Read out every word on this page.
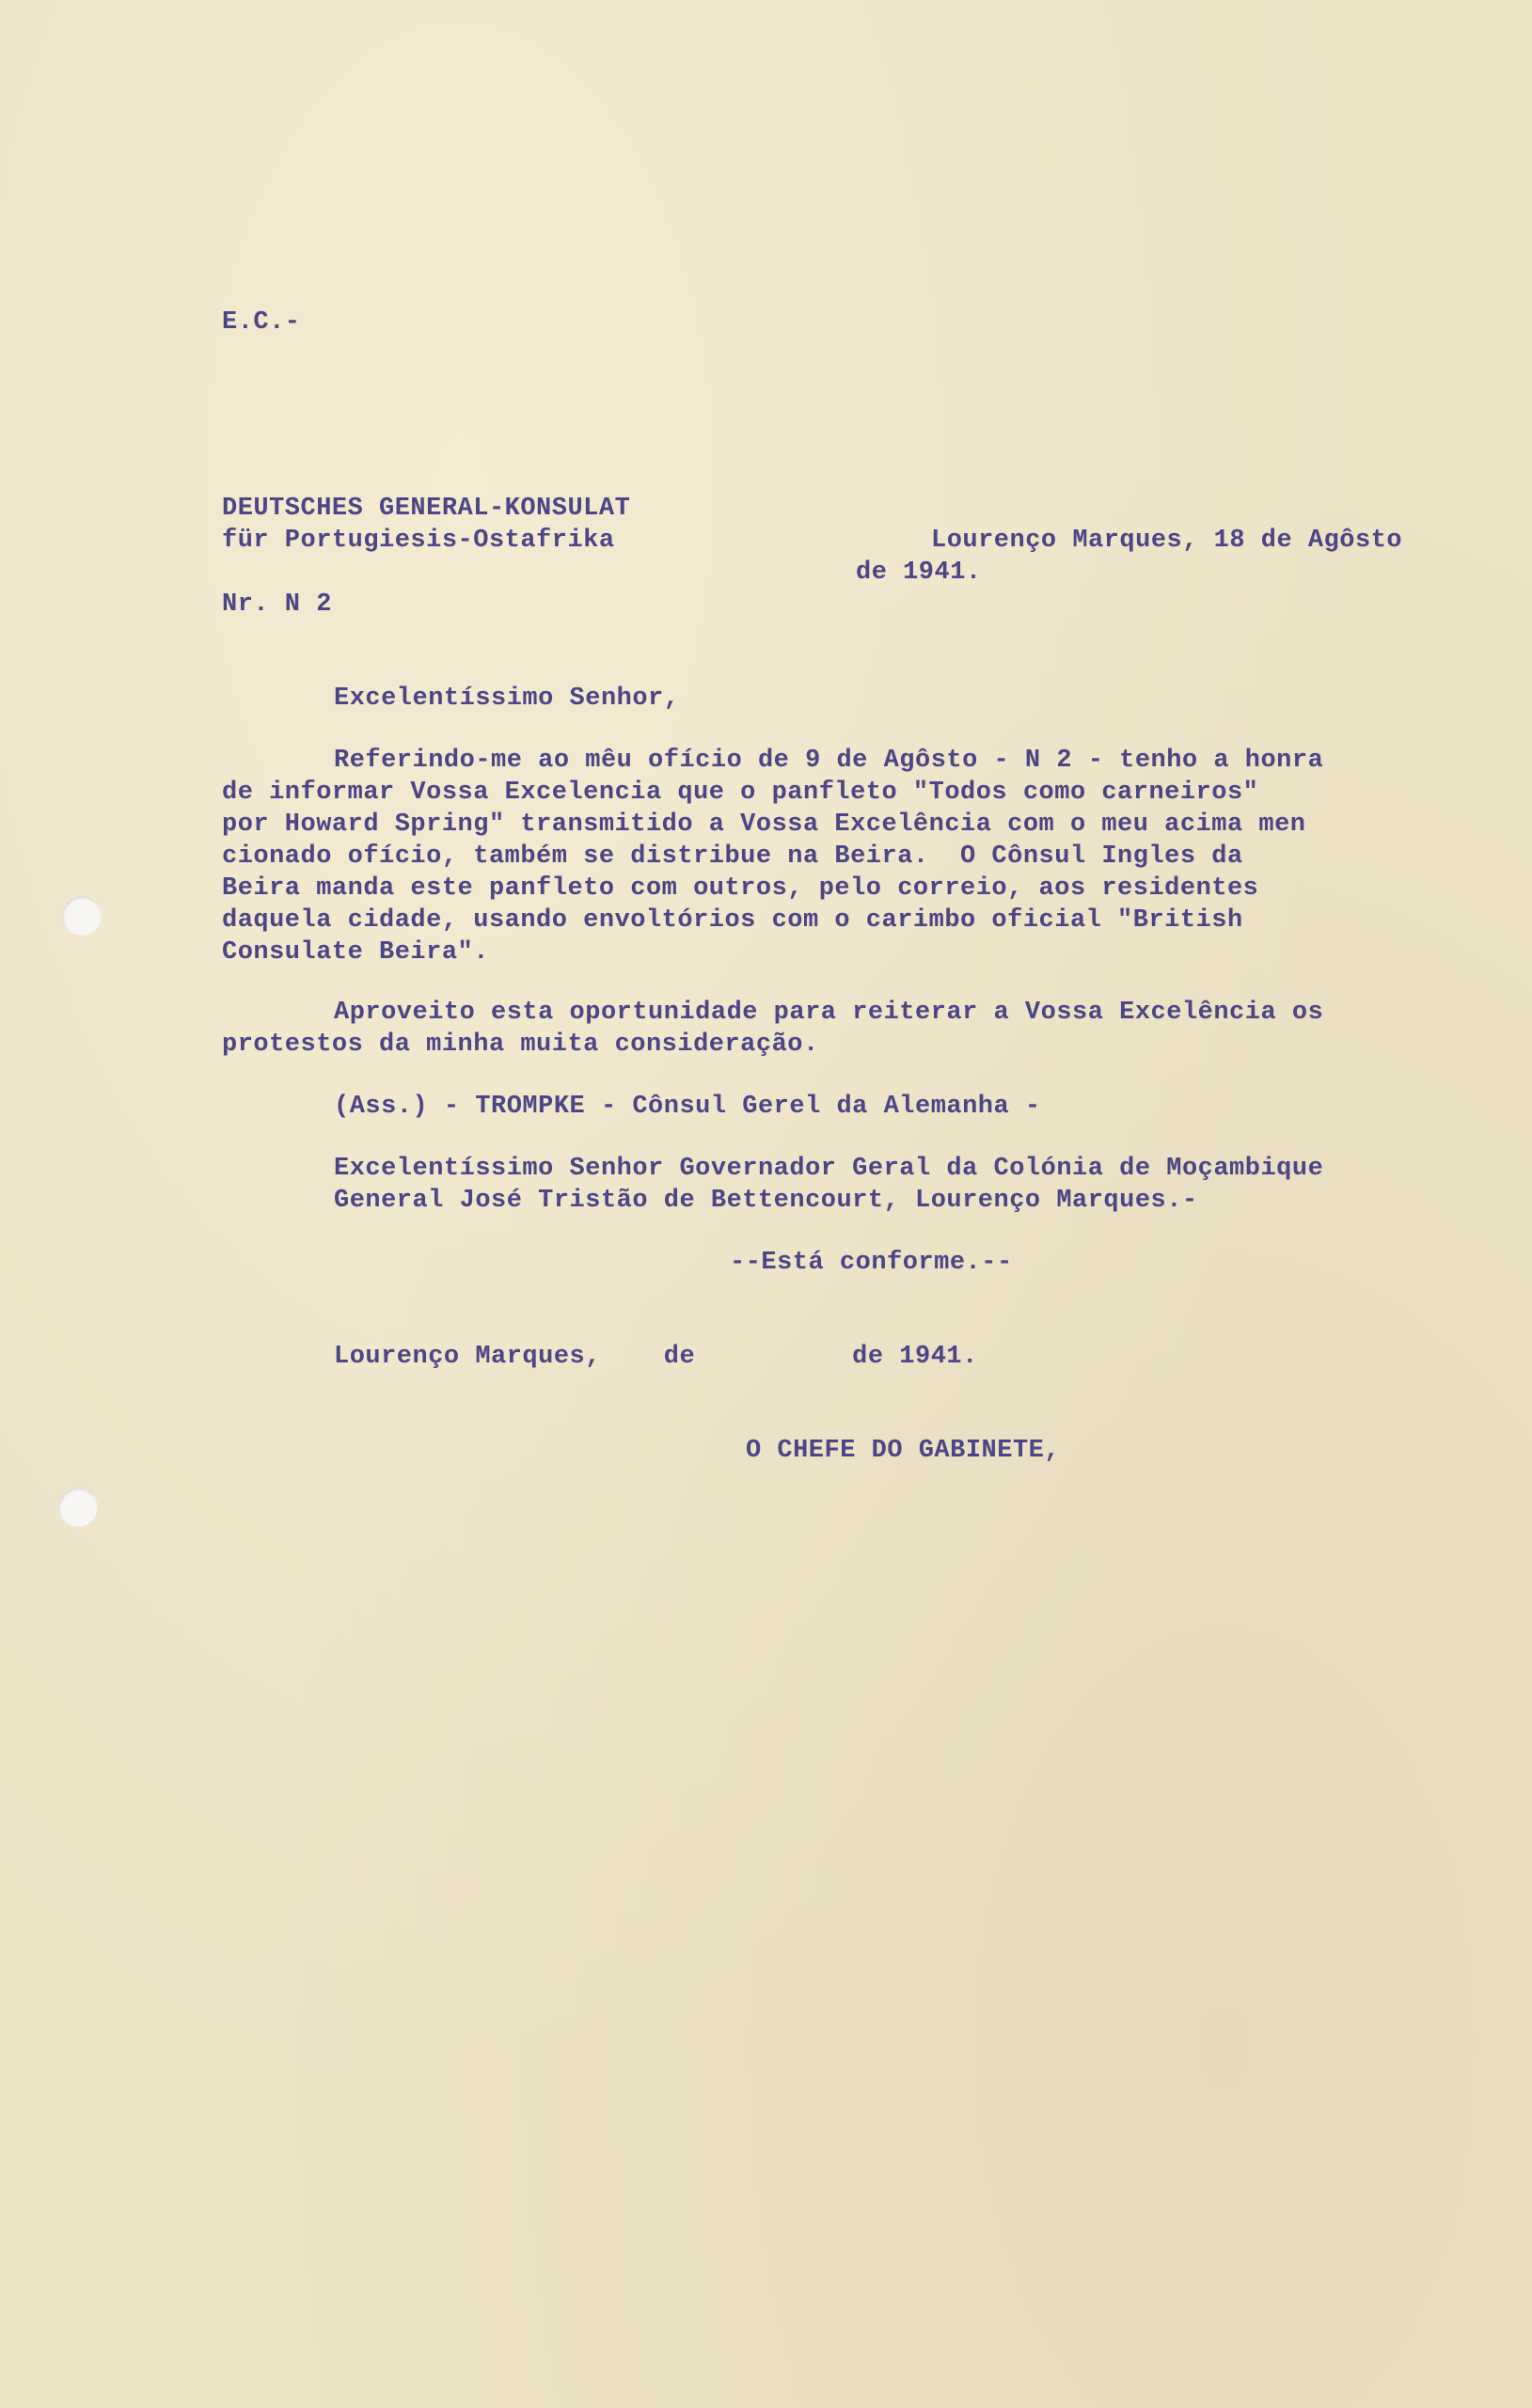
E.C.-

DEUTSCHES GENERAL-KONSULAT

für Portugiesis-Ostafrika	Lourenço Marques, 18 de Agôsto

de 1941.

Nr. N 2

Excelentíssimo Senhor,

Referindo-me ao mêu ofício de 9 de Agôsto - N 2 - tenho a honra

de informar Vossa Excelencia que o panfleto "Todos como carneiros"

por Howard Spring" transmitido a Vossa Excelência com o meu acima men

cionado ofício, também se distribue na Beira.  O Cônsul Ingles da

Beira manda este panfleto com outros, pelo correio, aos residentes

daquela cidade, usando envoltórios com o carimbo oficial "British

Consulate Beira".

Aproveito esta oportunidade para reiterar a Vossa Excelência os

protestos da minha muita consideração.

(Ass.) - TROMPKE - Cônsul Gerel da Alemanha -

Excelentíssimo Senhor Governador Geral da Colónia de Moçambique

General José Tristão de Bettencourt, Lourenço Marques.-

--Está conforme.--

Lourenço Marques,    de          de 1941.

O CHEFE DO GABINETE,
